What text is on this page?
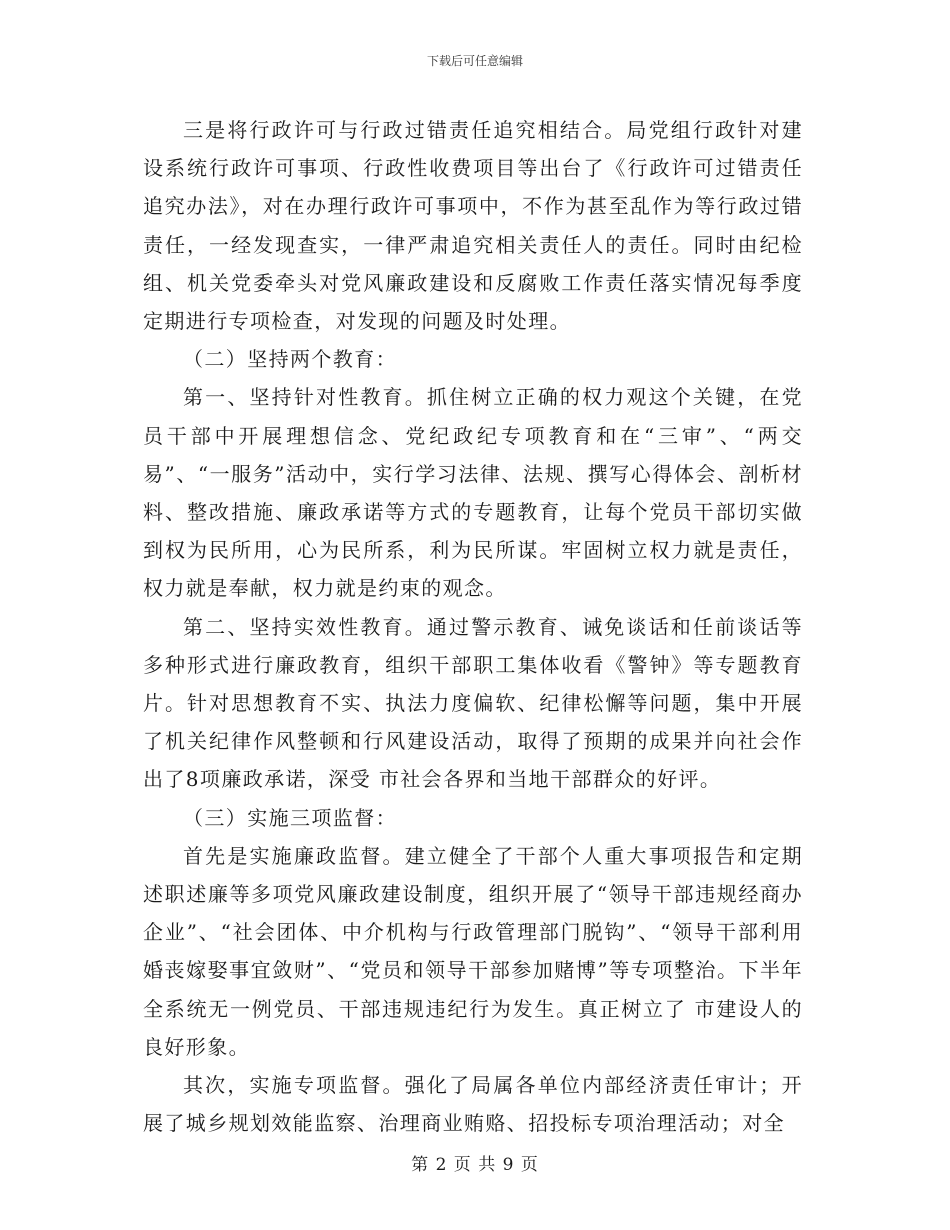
下载后可任意编辑

三是将行政许可与行政过错责任追究相结合。局党组行政针对建设系统行政许可事项、行政性收费项目等出台了《行政许可过错责任追究办法》，对在办理行政许可事项中，不作为甚至乱作为等行政过错责任，一经发现查实，一律严肃追究相关责任人的责任。同时由纪检组、机关党委牵头对党风廉政建设和反腐败工作责任落实情况每季度定期进行专项检查，对发现的问题及时处理。

（二）坚持两个教育：

第一、坚持针对性教育。抓住树立正确的权力观这个关键，在党员干部中开展理想信念、党纪政纪专项教育和在“三审”、“两交易”、“一服务”活动中，实行学习法律、法规、撰写心得体会、剖析材料、整改措施、廉政承诺等方式的专题教育，让每个党员干部切实做到权为民所用，心为民所系，利为民所谋。牢固树立权力就是责任，权力就是奉献，权力就是约束的观念。

第二、坚持实效性教育。通过警示教育、诫免谈话和任前谈话等多种形式进行廉政教育，组织干部职工集体收看《警钟》等专题教育片。针对思想教育不实、执法力度偏软、纪律松懈等问题，集中开展了机关纪律作风整顿和行风建设活动，取得了预期的成果并向社会作出了8项廉政承诺，深受 市社会各界和当地干部群众的好评。

（三）实施三项监督：

首先是实施廉政监督。建立健全了干部个人重大事项报告和定期述职述廉等多项党风廉政建设制度，组织开展了“领导干部违规经商办企业”、“社会团体、中介机构与行政管理部门脱钩”、“领导干部利用婚丧嫁娶事宜敛财”、“党员和领导干部参加赌博”等专项整治。下半年全系统无一例党员、干部违规违纪行为发生。真正树立了 市建设人的良好形象。

其次，实施专项监督。强化了局属各单位内部经济责任审计；开展了城乡规划效能监察、治理商业贿赂、招投标专项治理活动；对全

第 2 页 共 9 页
